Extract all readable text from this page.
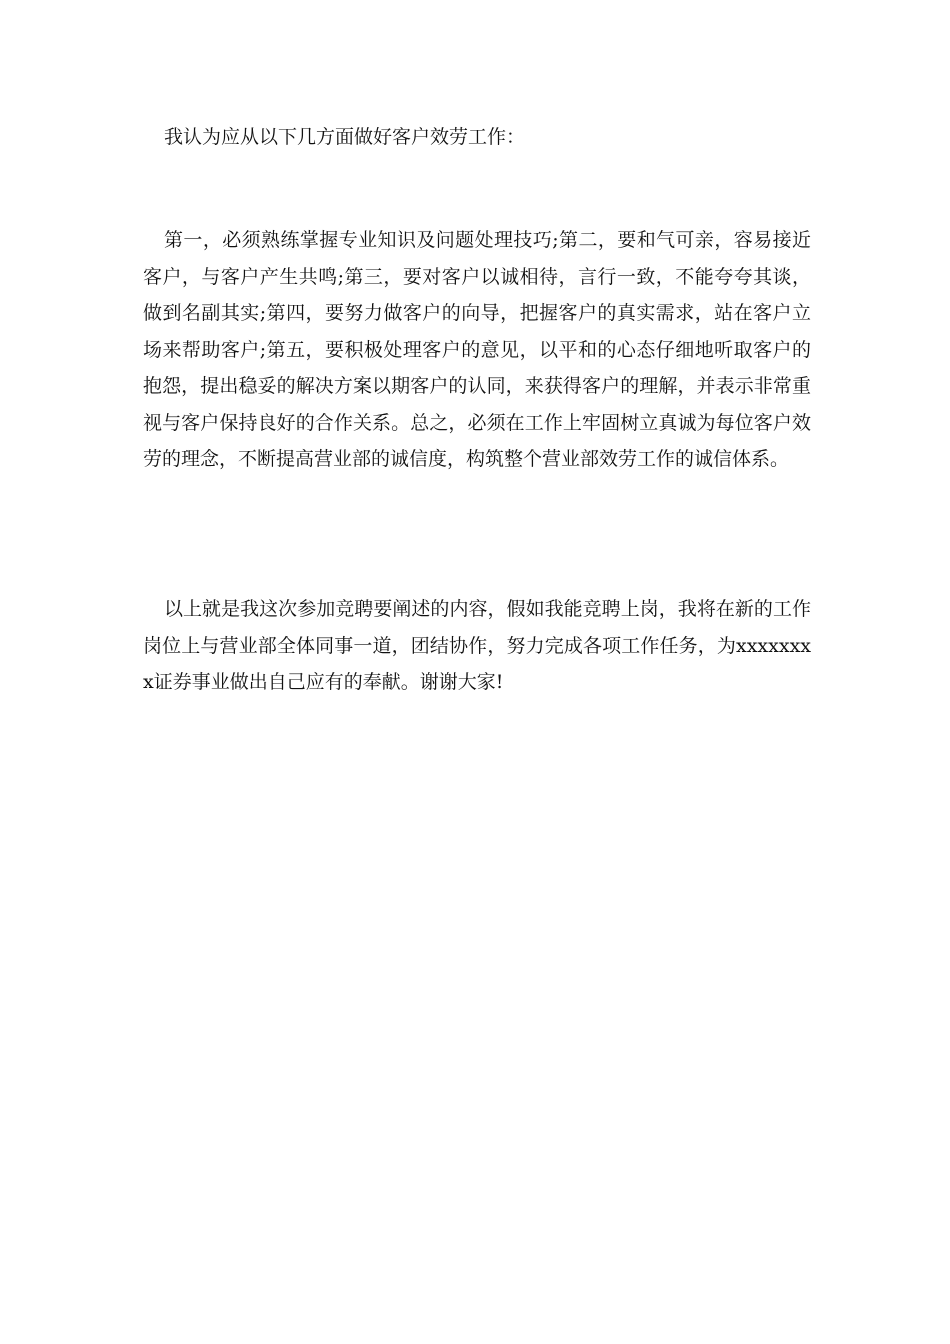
我认为应从以下几方面做好客户效劳工作：

第一，必须熟练掌握专业知识及问题处理技巧;第二，要和气可亲，容易接近客户，与客户产生共鸣;第三，要对客户以诚相待，言行一致，不能夸夸其谈，做到名副其实;第四，要努力做客户的向导，把握客户的真实需求，站在客户立场来帮助客户;第五，要积极处理客户的意见，以平和的心态仔细地听取客户的抱怨，提出稳妥的解决方案以期客户的认同，来获得客户的理解，并表示非常重视与客户保持良好的合作关系。总之，必须在工作上牢固树立真诚为每位客户效劳的理念，不断提高营业部的诚信度，构筑整个营业部效劳工作的诚信体系。

以上就是我这次参加竞聘要阐述的内容，假如我能竞聘上岗，我将在新的工作岗位上与营业部全体同事一道，团结协作，努力完成各项工作任务，为xxxxxxxx证券事业做出自己应有的奉献。谢谢大家!
